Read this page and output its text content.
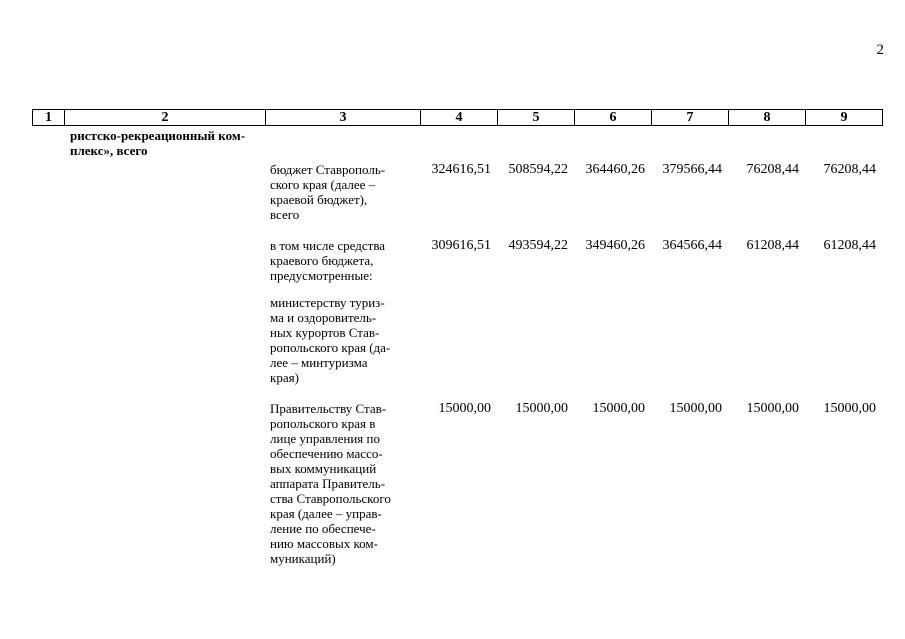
2
1	2	3	4	5	6	7	8	9
ристско-рекреационный ком-
плекс», всего
бюджет Ставрополь-
ского края (далее –
краевой бюджет),
всего
324616,51	508594,22	364460,26	379566,44	76208,44	76208,44
в том числе средства
краевого бюджета,
предусмотренные:
309616,51	493594,22	349460,26	364566,44	61208,44	61208,44
министерству туриз-
ма и оздоровитель-
ных курортов Став-
ропольского края (да-
лее – минтуризма
края)
Правительству Став-
ропольского края в
лице управления по
обеспечению массо-
вых коммуникаций
аппарата Правитель-
ства Ставропольского
края (далее – управ-
ление по обеспече-
нию массовых ком-
муникаций)
15000,00	15000,00	15000,00	15000,00	15000,00	15000,00
